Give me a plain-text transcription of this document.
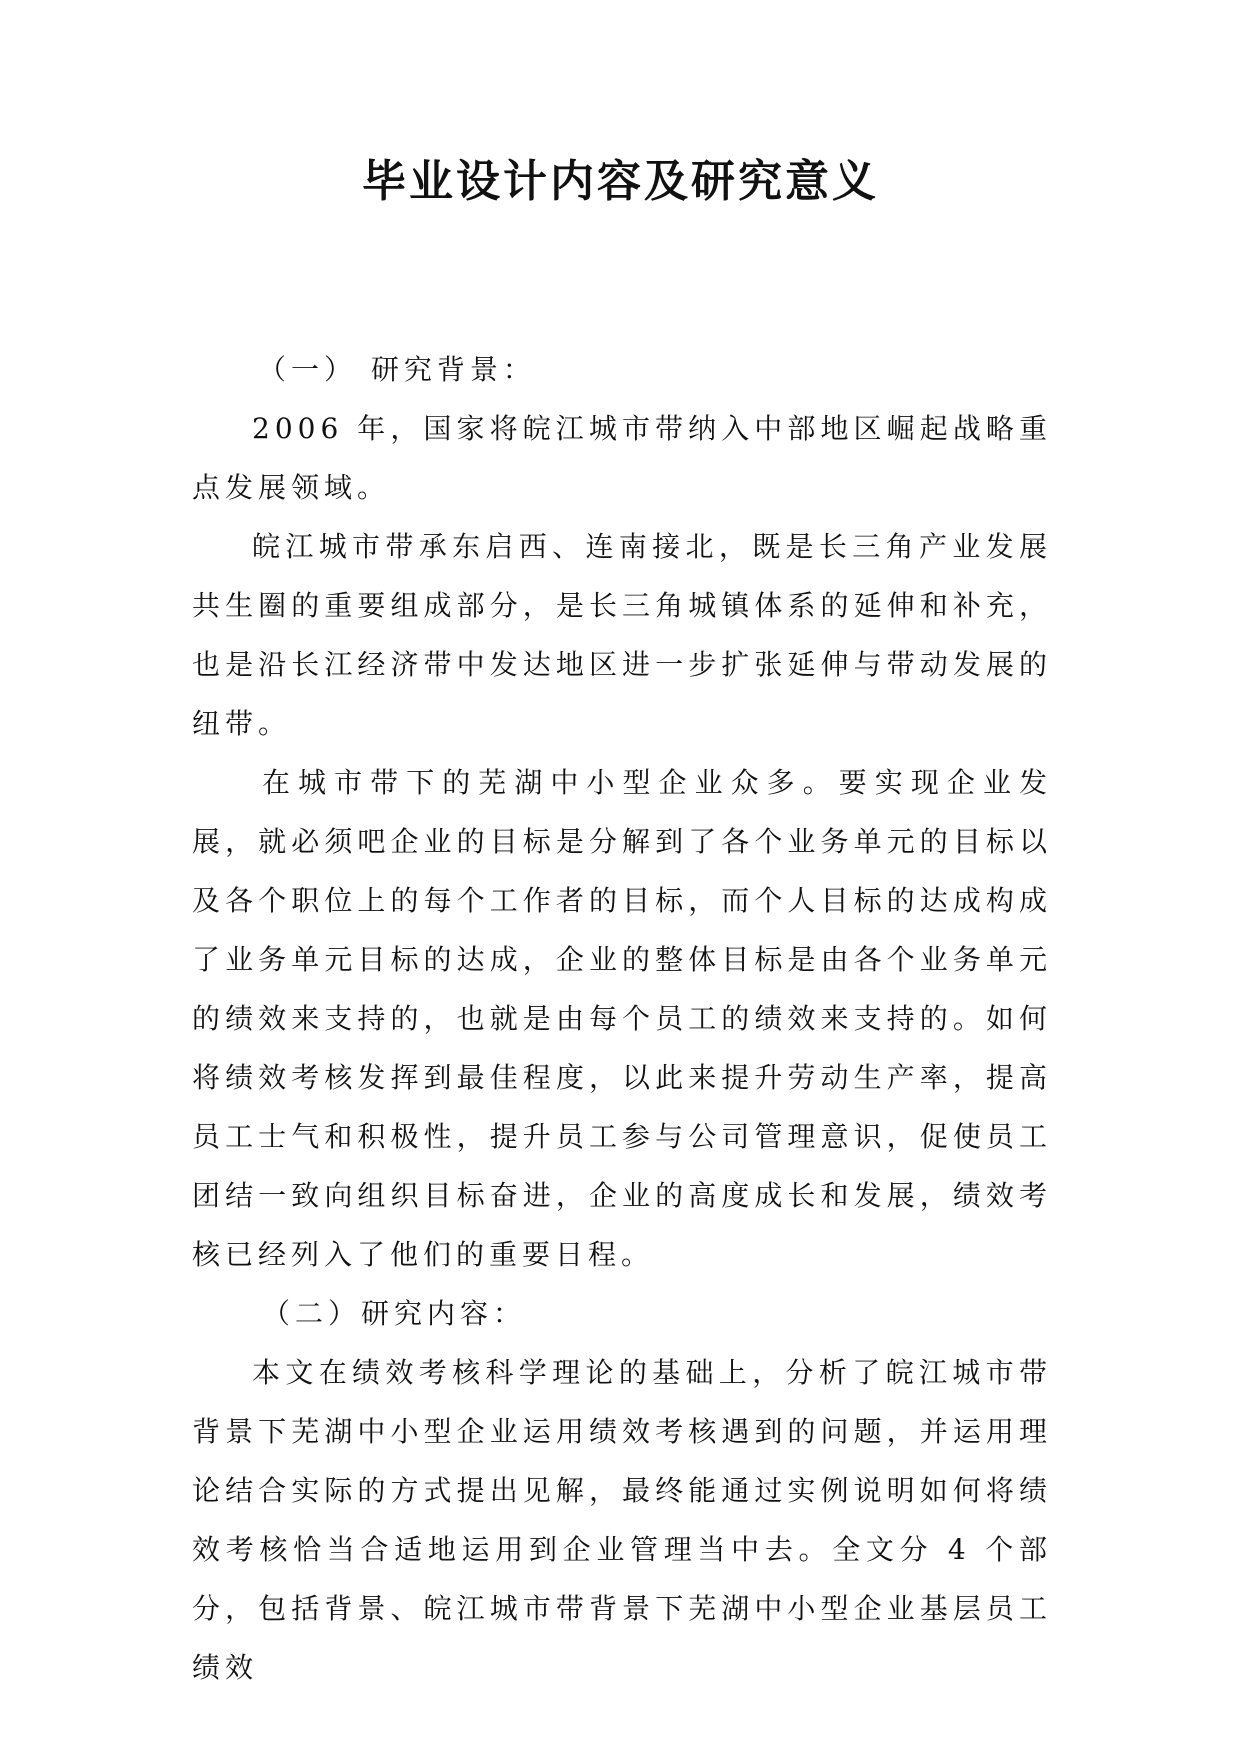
毕业设计内容及研究意义

（一） 研究背景：

2006 年，国家将皖江城市带纳入中部地区崛起战略重点发展领域。

皖江城市带承东启西、连南接北，既是长三角产业发展共生圈的重要组成部分，是长三角城镇体系的延伸和补充，也是沿长江经济带中发达地区进一步扩张延伸与带动发展的纽带。

在城市带下的芜湖中小型企业众多。要实现企业发展，就必须吧企业的目标是分解到了各个业务单元的目标以及各个职位上的每个工作者的目标，而个人目标的达成构成了业务单元目标的达成，企业的整体目标是由各个业务单元的绩效来支持的，也就是由每个员工的绩效来支持的。如何将绩效考核发挥到最佳程度，以此来提升劳动生产率，提高员工士气和积极性，提升员工参与公司管理意识，促使员工团结一致向组织目标奋进，企业的高度成长和发展，绩效考核已经列入了他们的重要日程。

（二）研究内容：

本文在绩效考核科学理论的基础上，分析了皖江城市带背景下芜湖中小型企业运用绩效考核遇到的问题，并运用理论结合实际的方式提出见解，最终能通过实例说明如何将绩效考核恰当合适地运用到企业管理当中去。全文分 4 个部分，包括背景、皖江城市带背景下芜湖中小型企业基层员工绩效
